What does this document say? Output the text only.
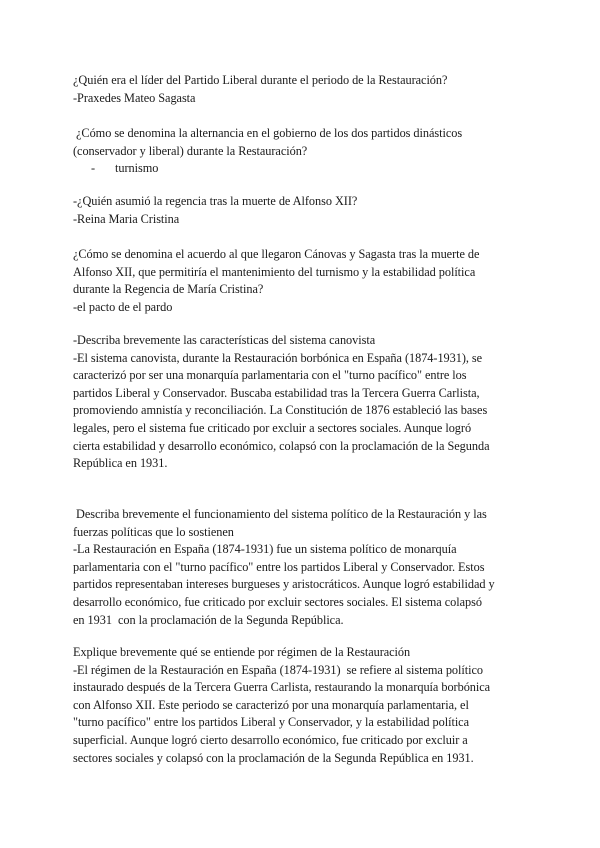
¿Quién era el líder del Partido Liberal durante el periodo de la Restauración?
-Praxedes Mateo Sagasta
¿Cómo se denomina la alternancia en el gobierno de los dos partidos dinásticos
(conservador y liberal) durante la Restauración?
- turnismo
-¿Quién asumió la regencia tras la muerte de Alfonso XII?
-Reina Maria Cristina
¿Cómo se denomina el acuerdo al que llegaron Cánovas y Sagasta tras la muerte de
Alfonso XII, que permitiría el mantenimiento del turnismo y la estabilidad política
durante la Regencia de María Cristina?
-el pacto de el pardo
-Describa brevemente las características del sistema canovista
-El sistema canovista, durante la Restauración borbónica en España (1874-1931), se
caracterizó por ser una monarquía parlamentaria con el "turno pacífico" entre los
partidos Liberal y Conservador. Buscaba estabilidad tras la Tercera Guerra Carlista,
promoviendo amnistía y reconciliación. La Constitución de 1876 estableció las bases
legales, pero el sistema fue criticado por excluir a sectores sociales. Aunque logró
cierta estabilidad y desarrollo económico, colapsó con la proclamación de la Segunda
República en 1931.
Describa brevemente el funcionamiento del sistema político de la Restauración y las
fuerzas políticas que lo sostienen
-La Restauración en España (1874-1931) fue un sistema político de monarquía
parlamentaria con el "turno pacífico" entre los partidos Liberal y Conservador. Estos
partidos representaban intereses burgueses y aristocráticos. Aunque logró estabilidad y
desarrollo económico, fue criticado por excluir sectores sociales. El sistema colapsó
en 1931  con la proclamación de la Segunda República.
Explique brevemente qué se entiende por régimen de la Restauración
-El régimen de la Restauración en España (1874-1931)  se refiere al sistema político
instaurado después de la Tercera Guerra Carlista, restaurando la monarquía borbónica
con Alfonso XII. Este periodo se caracterizó por una monarquía parlamentaria, el
"turno pacífico" entre los partidos Liberal y Conservador, y la estabilidad política
superficial. Aunque logró cierto desarrollo económico, fue criticado por excluir a
sectores sociales y colapsó con la proclamación de la Segunda República en 1931.
